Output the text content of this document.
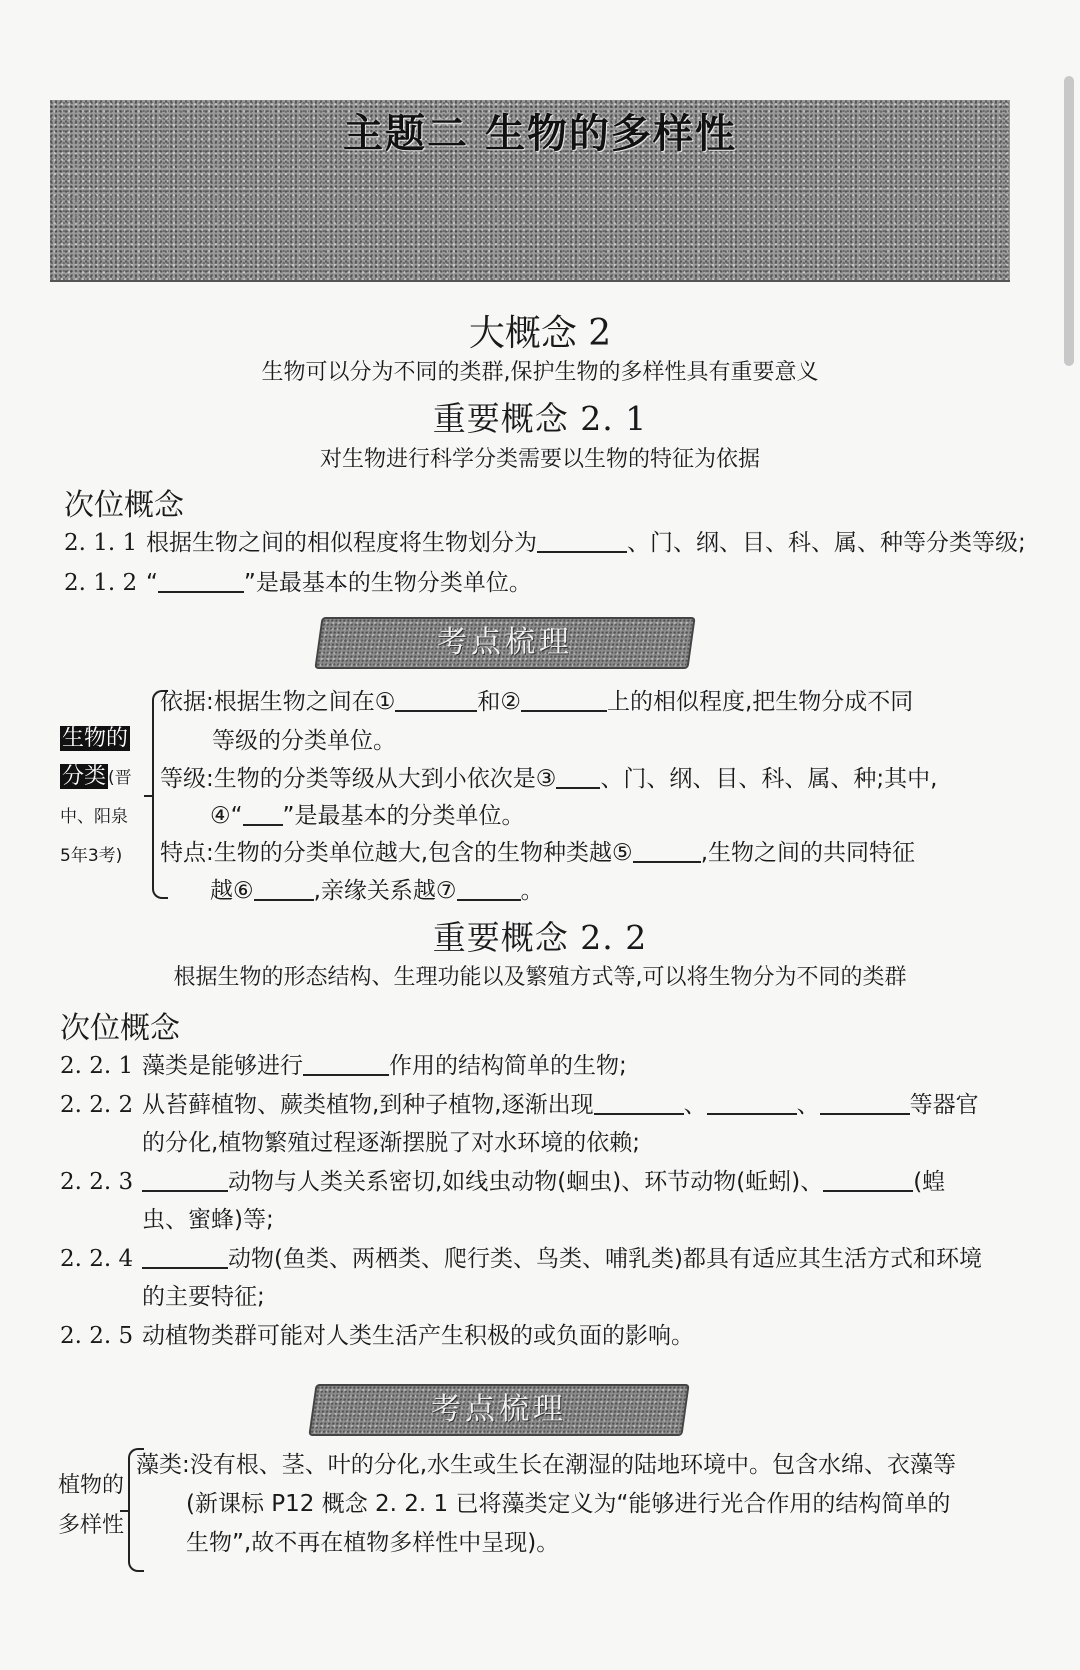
主题二 生物的多样性
大概念 2
生物可以分为不同的类群,保护生物的多样性具有重要意义
重要概念 2. 1
对生物进行科学分类需要以生物的特征为依据
次位概念
2. 1. 1 根据生物之间的相似程度将生物划分为	、门、纲、目、科、属、种等分类等级;
2. 1. 2 “	”是最基本的生物分类单位。
考点梳理
生物的
分类 (晋
中、阳泉
5年3考)
依据:根据生物之间在①	和②	上的相似程度,把生物分成不同
等级的分类单位。
等级:生物的分类等级从大到小依次是③ 、门、纲、目、科、属、种;其中,
④“ ”是最基本的分类单位。
特点:生物的分类单位越大,包含的生物种类越⑤	,生物之间的共同特征
越⑥	,亲缘关系越⑦	。
重要概念 2. 2
根据生物的形态结构、生理功能以及繁殖方式等,可以将生物分为不同的类群
次位概念
2. 2. 1 藻类是能够进行	作用的结构简单的生物;
2. 2. 2 从苔藓植物、蕨类植物,到种子植物,逐渐出现	、	、	等器官
的分化,植物繁殖过程逐渐摆脱了对水环境的依赖;
2. 2. 3	动物与人类关系密切,如线虫动物(蛔虫)、环节动物(蚯蚓)、	(蝗
虫、蜜蜂)等;
2. 2. 4	动物(鱼类、两栖类、爬行类、鸟类、哺乳类)都具有适应其生活方式和环境
的主要特征;
2. 2. 5 动植物类群可能对人类生活产生积极的或负面的影响。
考点梳理
植物的
多样性
藻类:没有根、茎、叶的分化,水生或生长在潮湿的陆地环境中。包含水绵、衣藻等
(新课标 P12 概念 2. 2. 1 已将藻类定义为“能够进行光合作用的结构简单的
生物”,故不再在植物多样性中呈现)。
